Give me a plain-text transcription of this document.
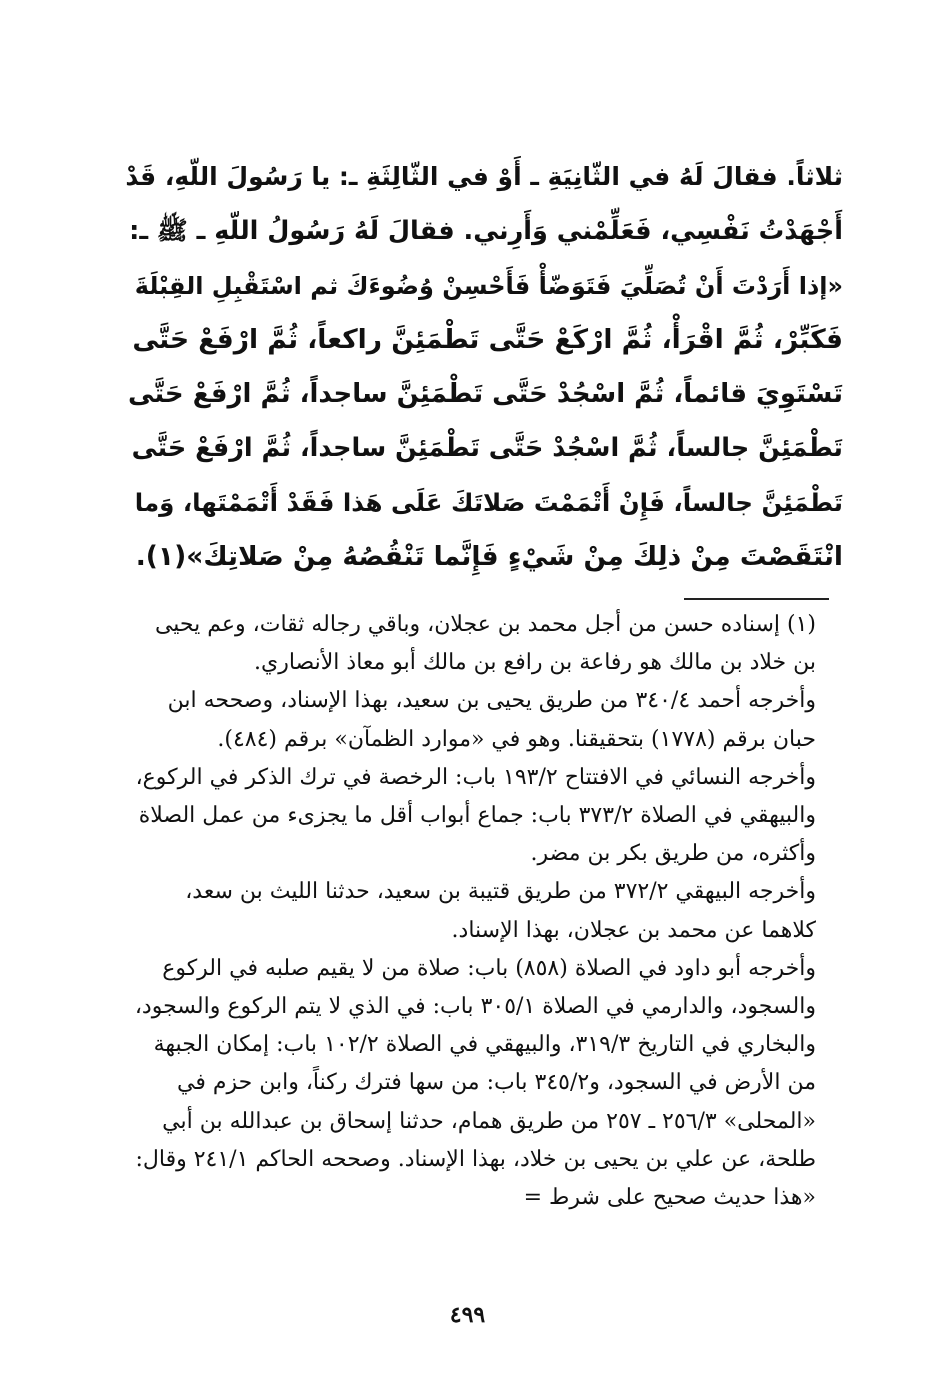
ثلاثاً. فقالَ لَهُ في الثّانِيَةِ ـ أَوْ في الثّالِثَةِ ـ: يا رَسُولَ اللّهِ، قَدْ
أَجْهَدْتُ نَفْسِي، فَعَلِّمْني وَأَرِني. فقالَ لَهُ رَسُولُ اللّهِ ـ ﷺ ـ:
«إذا أَرَدْتَ أَنْ تُصَلِّيَ فَتَوَضّأْ فَأَحْسِنْ وُضُوءَكَ ثم اسْتَقْبِلِ القِبْلَةَ
فَكَبِّرْ، ثُمَّ اقْرَأْ، ثُمَّ ارْكَعْ حَتَّى تَطْمَئِنَّ راكعاً، ثُمَّ ارْفَعْ حَتَّى
تَسْتَوِيَ قائماً، ثُمَّ اسْجُدْ حَتَّى تَطْمَئِنَّ ساجداً، ثُمَّ ارْفَعْ حَتَّى
تَطْمَئِنَّ جالساً، ثُمَّ اسْجُدْ حَتَّى تَطْمَئِنَّ ساجداً، ثُمَّ ارْفَعْ حَتَّى
تَطْمَئِنَّ جالساً، فَإِنْ أَتْمَمْتَ صَلاتَكَ عَلَى هَذا فَقَدْ أَتْمَمْتَها، وَما
انْتَقَصْتَ مِنْ ذلِكَ مِنْ شَيْءٍ فَإِنَّما تَنْقُصُهُ مِنْ صَلاتِكَ»(١).

(١) إسناده حسن من أجل محمد بن عجلان، وباقي رجاله ثقات، وعم يحيى بن خلاد بن مالك هو رفاعة بن رافع بن مالك أبو معاذ الأنصاري.

وأخرجه أحمد ٣٤٠/٤ من طريق يحيى بن سعيد، بهذا الإسناد، وصححه ابن حبان برقم (١٧٧٨) بتحقيقنا. وهو في «موارد الظمآن» برقم (٤٨٤).

وأخرجه النسائي في الافتتاح ١٩٣/٢ باب: الرخصة في ترك الذكر في الركوع، والبيهقي في الصلاة ٣٧٣/٢ باب: جماع أبواب أقل ما يجزىء من عمل الصلاة وأكثره، من طريق بكر بن مضر.

وأخرجه البيهقي ٣٧٢/٢ من طريق قتيبة بن سعيد، حدثنا الليث بن سعد، كلاهما عن محمد بن عجلان، بهذا الإسناد.

وأخرجه أبو داود في الصلاة (٨٥٨) باب: صلاة من لا يقيم صلبه في الركوع والسجود، والدارمي في الصلاة ٣٠٥/١ باب: في الذي لا يتم الركوع والسجود، والبخاري في التاريخ ٣١٩/٣، والبيهقي في الصلاة ١٠٢/٢ باب: إمكان الجبهة من الأرض في السجود، و٣٤٥/٢ باب: من سها فترك ركناً، وابن حزم في «المحلى» ٢٥٦/٣ ـ ٢٥٧ من طريق همام، حدثنا إسحاق بن عبدالله بن أبي طلحة، عن علي بن يحيى بن خلاد، بهذا الإسناد. وصححه الحاكم ٢٤١/١ وقال: «هذا حديث صحيح على شرط =

٤٩٩
